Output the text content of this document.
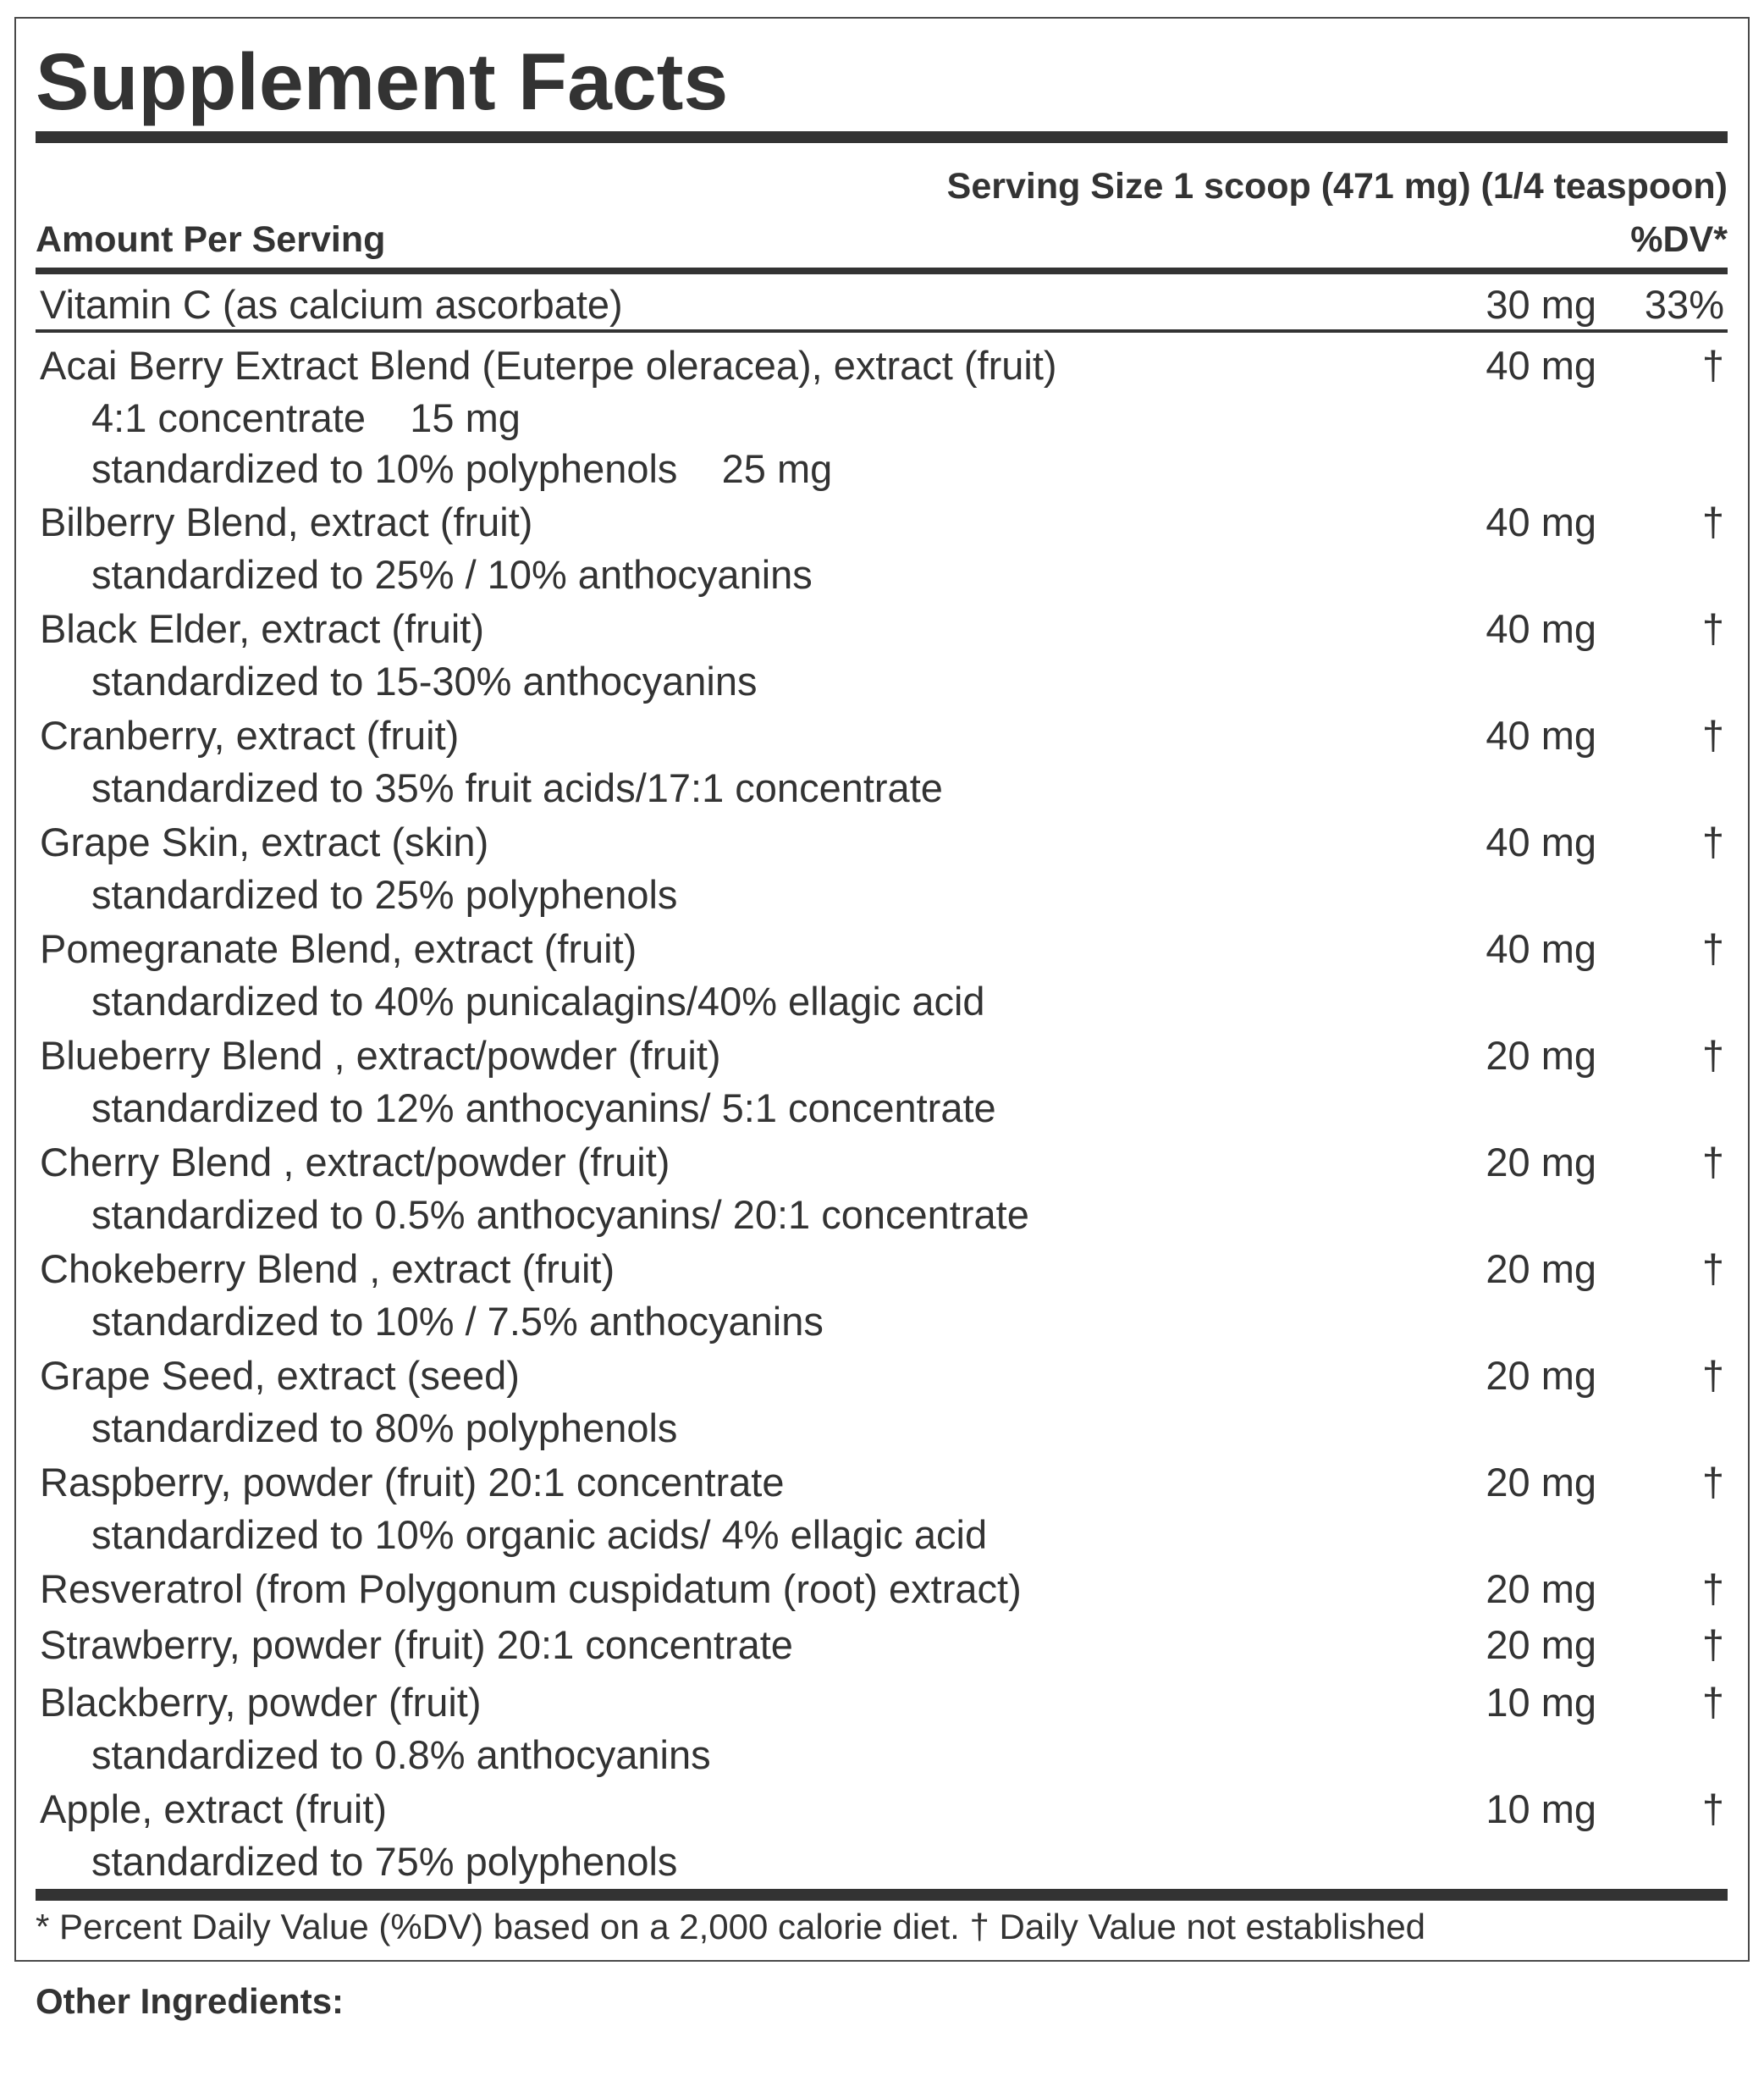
Supplement Facts
Serving Size 1 scoop (471 mg) (1/4 teaspoon)
Amount Per Serving	%DV*
Vitamin C (as calcium ascorbate)	30 mg	33%
Acai Berry Extract Blend (Euterpe oleracea), extract (fruit)	40 mg	†
4:1 concentrate    15 mg
standardized to 10% polyphenols    25 mg
Bilberry Blend, extract (fruit)	40 mg	†
standardized to 25% / 10% anthocyanins
Black Elder, extract (fruit)	40 mg	†
standardized to 15-30% anthocyanins
Cranberry, extract (fruit)	40 mg	†
standardized to 35% fruit acids/17:1 concentrate
Grape Skin, extract (skin)	40 mg	†
standardized to 25% polyphenols
Pomegranate Blend, extract (fruit)	40 mg	†
standardized to 40% punicalagins/40% ellagic acid
Blueberry Blend , extract/powder (fruit)	20 mg	†
standardized to 12% anthocyanins/ 5:1 concentrate
Cherry Blend , extract/powder (fruit)	20 mg	†
standardized to 0.5% anthocyanins/ 20:1 concentrate
Chokeberry Blend , extract (fruit)	20 mg	†
standardized to 10% / 7.5% anthocyanins
Grape Seed, extract (seed)	20 mg	†
standardized to 80% polyphenols
Raspberry, powder (fruit) 20:1 concentrate	20 mg	†
standardized to 10% organic acids/ 4% ellagic acid
Resveratrol (from Polygonum cuspidatum (root) extract)	20 mg	†
Strawberry, powder (fruit) 20:1 concentrate	20 mg	†
Blackberry, powder (fruit)	10 mg	†
standardized to 0.8% anthocyanins
Apple, extract (fruit)	10 mg	†
standardized to 75% polyphenols
* Percent Daily Value (%DV) based on a 2,000 calorie diet. † Daily Value not established
Other Ingredients:
